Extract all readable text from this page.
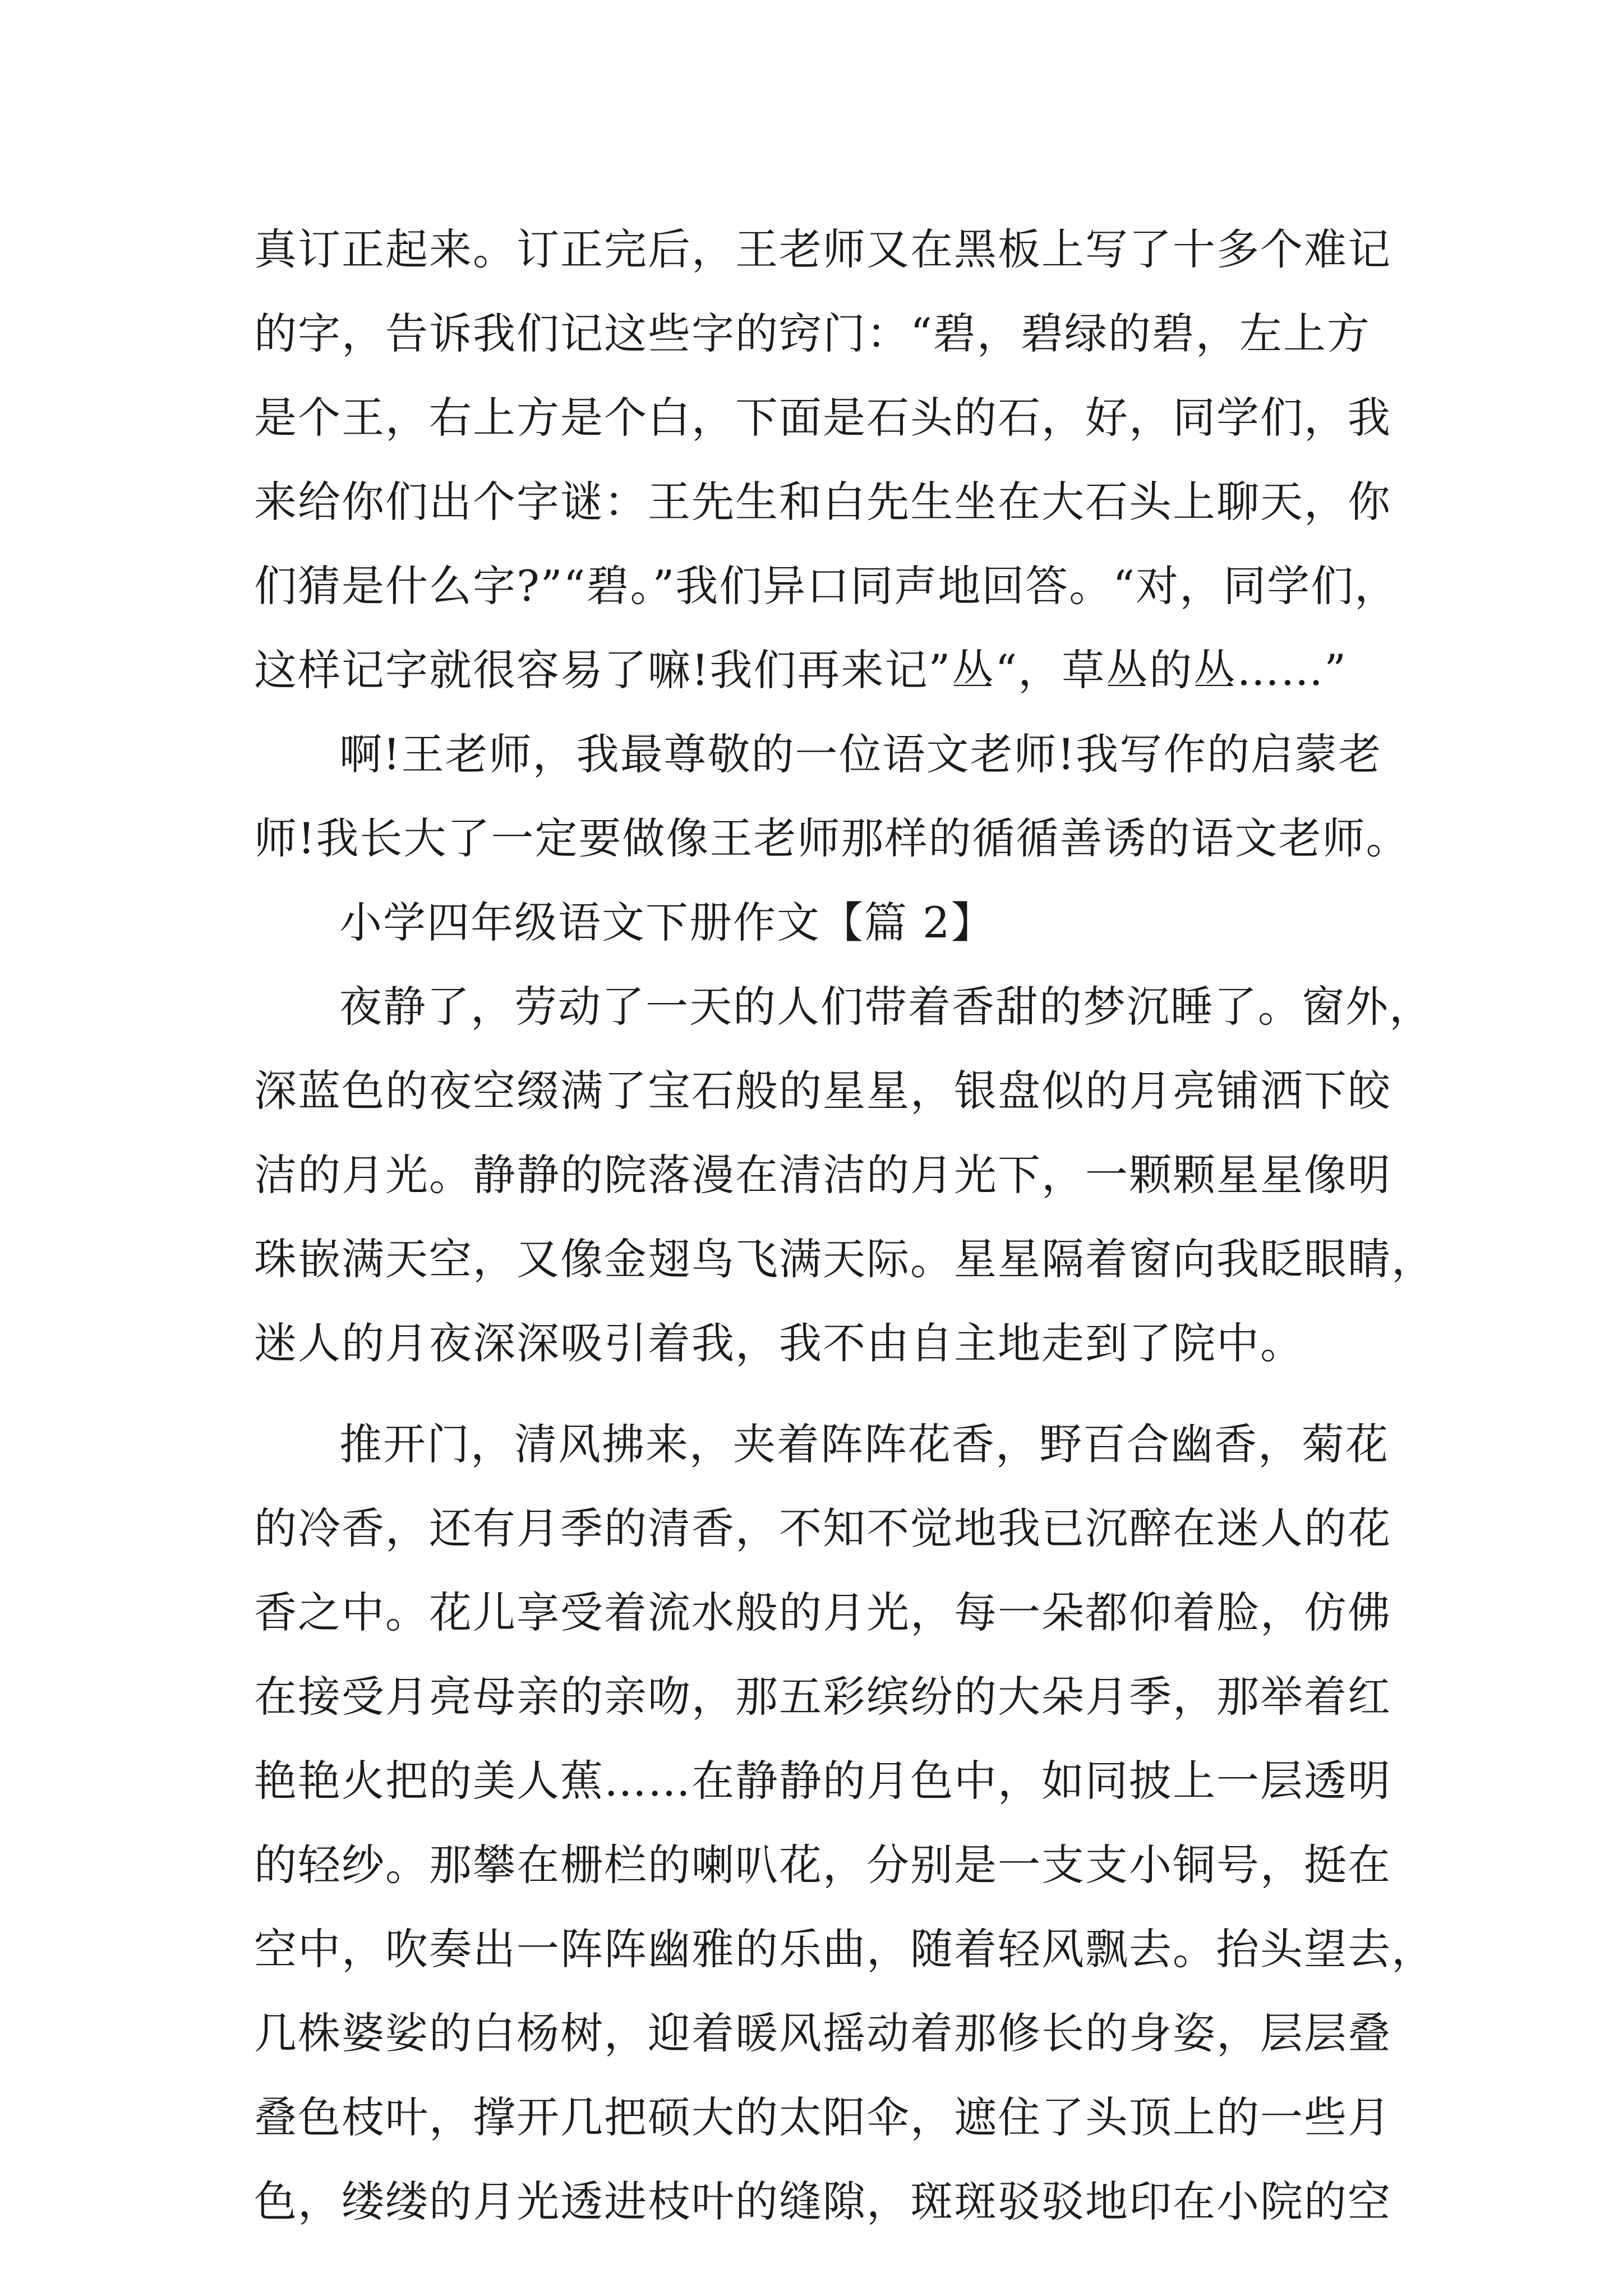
真订正起来。订正完后，王老师又在黑板上写了十多个难记
的字，告诉我们记这些字的窍门：“碧，碧绿的碧，左上方
是个王，右上方是个白，下面是石头的石，好，同学们，我
来给你们出个字谜：王先生和白先生坐在大石头上聊天，你
们猜是什么字?”“碧。”我们异口同声地回答。“对，同学们，
这样记字就很容易了嘛!我们再来记”丛“，草丛的丛……”
啊!王老师，我最尊敬的一位语文老师!我写作的启蒙老
师!我长大了一定要做像王老师那样的循循善诱的语文老师。
小学四年级语文下册作文【篇 2】
夜静了，劳动了一天的人们带着香甜的梦沉睡了。窗外，
深蓝色的夜空缀满了宝石般的星星，银盘似的月亮铺洒下皎
洁的月光。静静的院落漫在清洁的月光下，一颗颗星星像明
珠嵌满天空，又像金翅鸟飞满天际。星星隔着窗向我眨眼睛，
迷人的月夜深深吸引着我，我不由自主地走到了院中。
推开门，清风拂来，夹着阵阵花香，野百合幽香，菊花
的冷香，还有月季的清香，不知不觉地我已沉醉在迷人的花
香之中。花儿享受着流水般的月光，每一朵都仰着脸，仿佛
在接受月亮母亲的亲吻，那五彩缤纷的大朵月季，那举着红
艳艳火把的美人蕉……在静静的月色中，如同披上一层透明
的轻纱。那攀在栅栏的喇叭花，分别是一支支小铜号，挺在
空中，吹奏出一阵阵幽雅的乐曲，随着轻风飘去。抬头望去，
几株婆娑的白杨树，迎着暖风摇动着那修长的身姿，层层叠
叠色枝叶，撑开几把硕大的太阳伞，遮住了头顶上的一些月
色，缕缕的月光透进枝叶的缝隙，斑斑驳驳地印在小院的空
